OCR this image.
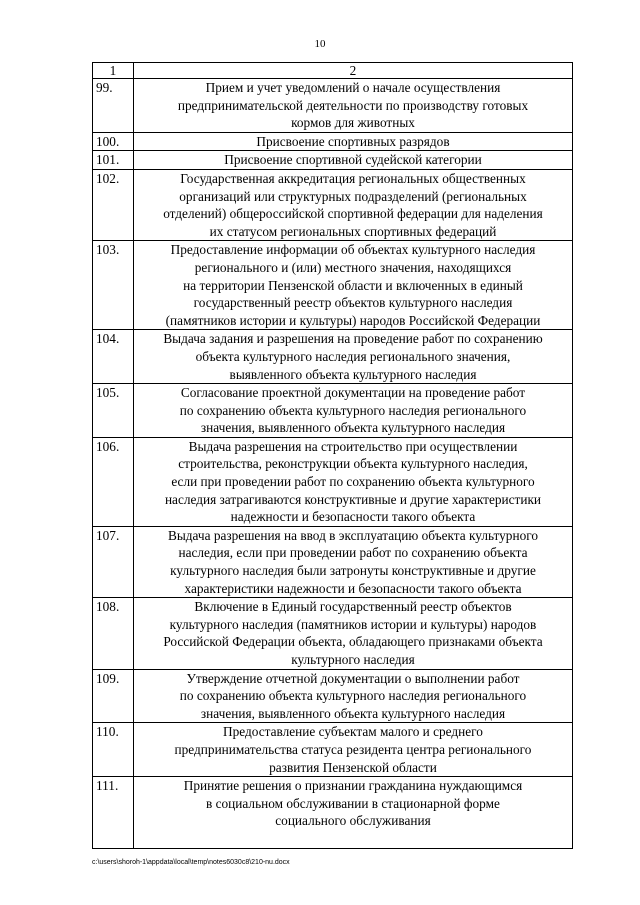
10
1	2
99.	Прием и учет уведомлений о начале осуществления
предпринимательской деятельности по производству готовых
кормов для животных

100.	Присвоение спортивных разрядов

101.	Присвоение спортивной судейской категории

102.	Государственная аккредитация региональных общественных
организаций или структурных подразделений (региональных
отделений) общероссийской спортивной федерации для наделения
их статусом региональных спортивных федераций

103.	Предоставление информации об объектах культурного наследия
регионального и (или) местного значения, находящихся
на территории Пензенской области и включенных в единый
государственный реестр объектов культурного наследия
(памятников истории и культуры) народов Российской Федерации

104.	Выдача задания и разрешения на проведение работ по сохранению
объекта культурного наследия регионального значения,
выявленного объекта культурного наследия

105.	Согласование проектной документации на проведение работ
по сохранению объекта культурного наследия регионального
значения, выявленного объекта культурного наследия

106.	Выдача разрешения на строительство при осуществлении
строительства, реконструкции объекта культурного наследия,
если при проведении работ по сохранению объекта культурного
наследия затрагиваются конструктивные и другие характеристики
надежности и безопасности такого объекта

107.	Выдача разрешения на ввод в эксплуатацию объекта культурного
наследия, если при проведении работ по сохранению объекта
культурного наследия были затронуты конструктивные и другие
характеристики надежности и безопасности такого объекта

108.	Включение в Единый государственный реестр объектов
культурного наследия (памятников истории и культуры) народов
Российской Федерации объекта, обладающего признаками объекта
культурного наследия

109.	Утверждение отчетной документации о выполнении работ
по сохранению объекта культурного наследия регионального
значения, выявленного объекта культурного наследия

110.	Предоставление субъектам малого и среднего
предпринимательства статуса резидента центра регионального
развития Пензенской области

111.	Принятие решения о признании гражданина нуждающимся
в социальном обслуживании в стационарной форме
социального обслуживания

c:\users\shoroh-1\appdata\local\temp\notes6030c8\210-nu.docx
